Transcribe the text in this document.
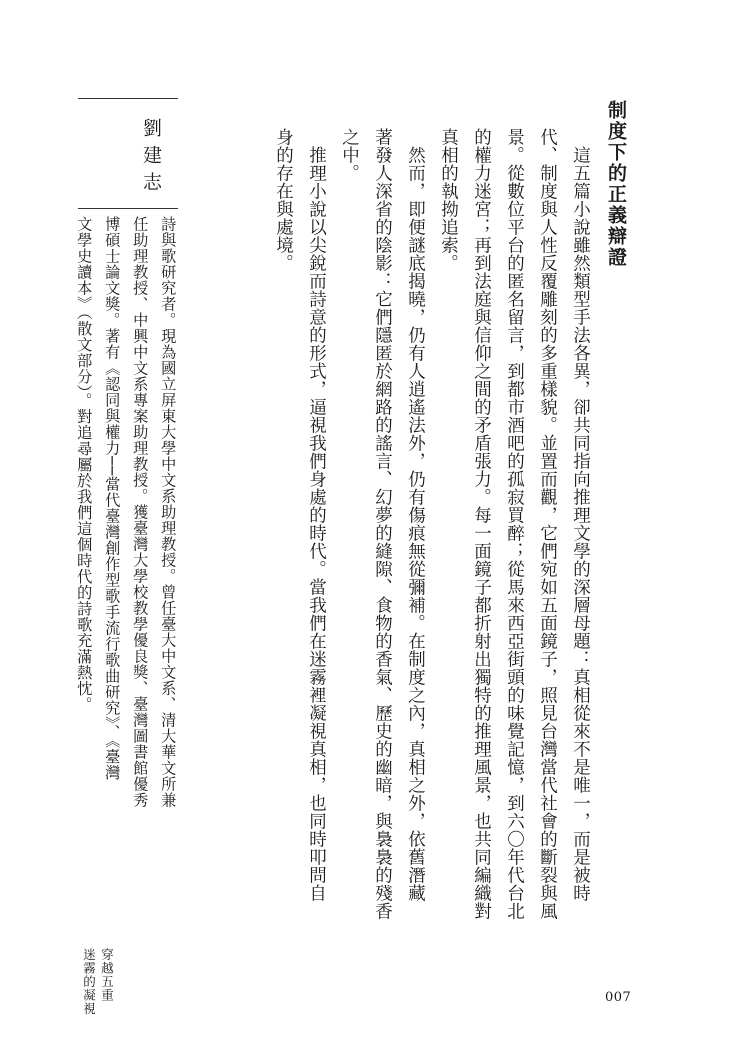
制度下的正義辯證
　這五篇小說雖然類型手法各異，卻共同指向推理文學的深層母題：真相從來不是唯一，而是被時
代、制度與人性反覆雕刻的多重樣貌。並置而觀，它們宛如五面鏡子，照見台灣當代社會的斷裂與風
景。從數位平台的匿名留言，到都市酒吧的孤寂買醉；從馬來西亞街頭的味覺記憶，到六〇年代台北
的權力迷宮；再到法庭與信仰之間的矛盾張力。每一面鏡子都折射出獨特的推理風景，也共同編織對
真相的執拗追索。
　然而，即便謎底揭曉，仍有人逍遙法外，仍有傷痕無從彌補。在制度之內，真相之外，依舊潛藏
著發人深省的陰影：它們隱匿於網路的謠言、幻夢的縫隙、食物的香氣、歷史的幽暗，與裊裊的殘香
之中。
　推理小說以尖銳而詩意的形式，逼視我們身處的時代。當我們在迷霧裡凝視真相，也同時叩問自
身的存在與處境。
劉建志
詩與歌研究者。現為國立屏東大學中文系助理教授。曾任臺大中文系、清大華文所兼
任助理教授、中興中文系專案助理教授。獲臺灣大學校教學優良獎、臺灣圖書館優秀
博碩士論文獎。著有《認同與權力──當代臺灣創作型歌手流行歌曲研究》、《臺灣
文學史讀本》（散文部分）。對追尋屬於我們這個時代的詩歌充滿熱忱。
007
穿越五重
迷霧的凝視
